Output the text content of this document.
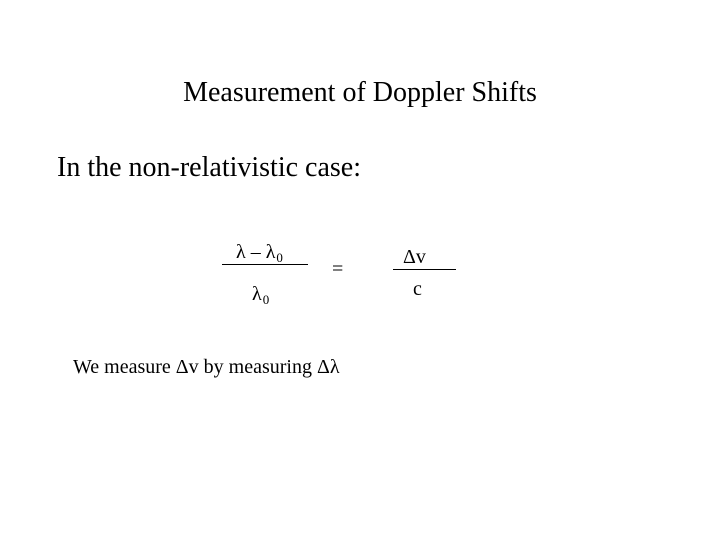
Measurement of Doppler Shifts
In the non-relativistic case:
λ – $\lambda_0$
$\lambda_0$
=
Δv
c
We measure Δv by measuring Δλ
